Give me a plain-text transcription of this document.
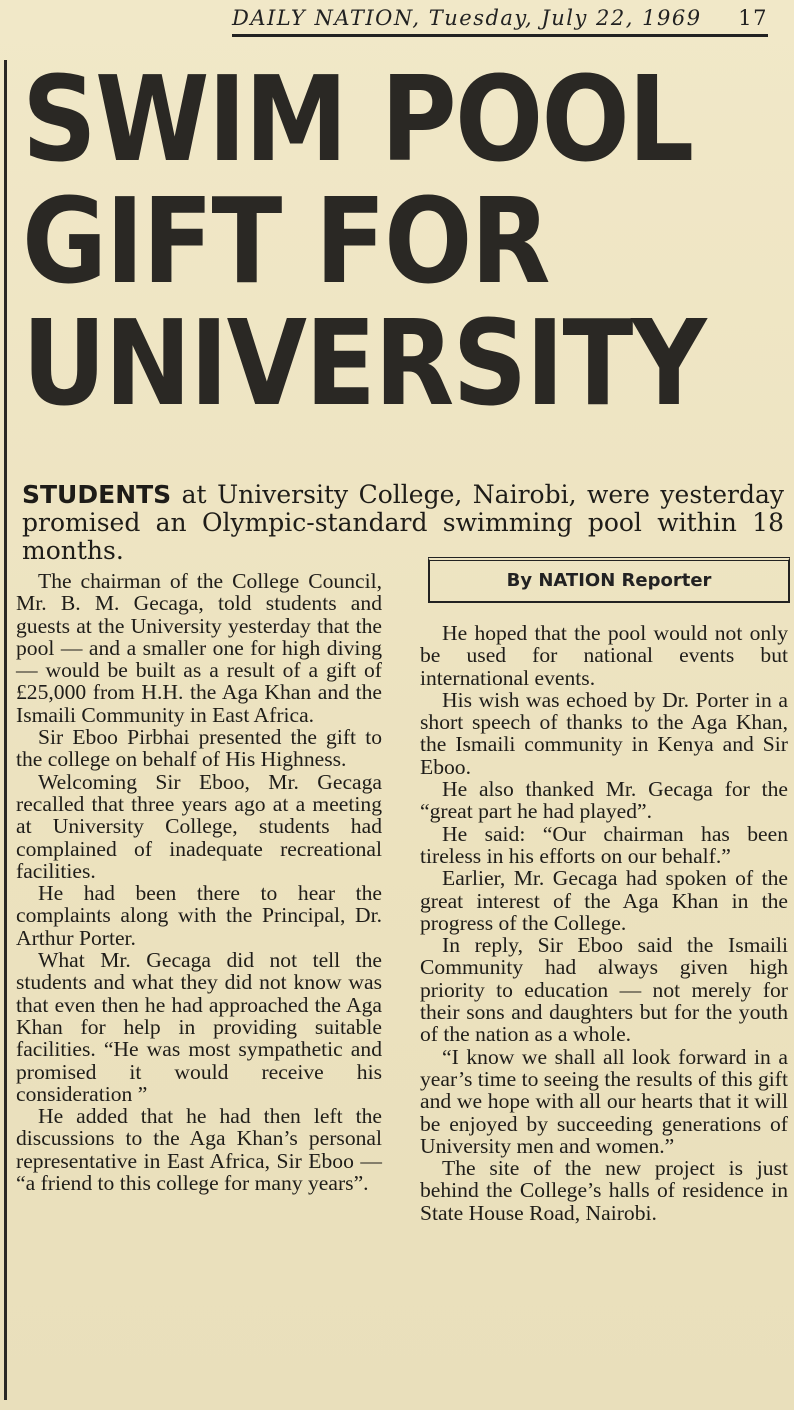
DAILY NATION, Tuesday, July 22, 1969 17
SWIM POOL
GIFT FOR
UNIVERSITY
STUDENTS at University College, Nairobi, were yesterday promised an Olympic-standard swimming pool within 18 months.
By NATION Reporter

The chairman of the College Council, Mr. B. M. Gecaga, told students and guests at the University yesterday that the pool — and a smaller one for high diving — would be built as a result of a gift of £25,000 from H.H. the Aga Khan and the Ismaili Community in East Africa.

Sir Eboo Pirbhai presented the gift to the college on behalf of His Highness.

Welcoming Sir Eboo, Mr. Gecaga recalled that three years ago at a meeting at University College, students had complained of inadequate recreational facilities.

He had been there to hear the complaints along with the Principal, Dr. Arthur Porter.

What Mr. Gecaga did not tell the students and what they did not know was that even then he had approached the Aga Khan for help in providing suitable facilities. “He was most sympathetic and promised it would receive his consideration ”

He added that he had then left the discussions to the Aga Khan’s personal representative in East Africa, Sir Eboo — “a friend to this college for many years”.

He hoped that the pool would not only be used for national events but international events.

His wish was echoed by Dr. Porter in a short speech of thanks to the Aga Khan, the Ismaili community in Kenya and Sir Eboo.

He also thanked Mr. Gecaga for the “great part he had played”.

He said: “Our chairman has been tireless in his efforts on our behalf.”

Earlier, Mr. Gecaga had spoken of the great interest of the Aga Khan in the progress of the College.

In reply, Sir Eboo said the Ismaili Community had always given high priority to education — not merely for their sons and daughters but for the youth of the nation as a whole.

“I know we shall all look forward in a year’s time to seeing the results of this gift and we hope with all our hearts that it will be enjoyed by succeeding generations of University men and women.”

The site of the new project is just behind the College’s halls of residence in State House Road, Nairobi.
